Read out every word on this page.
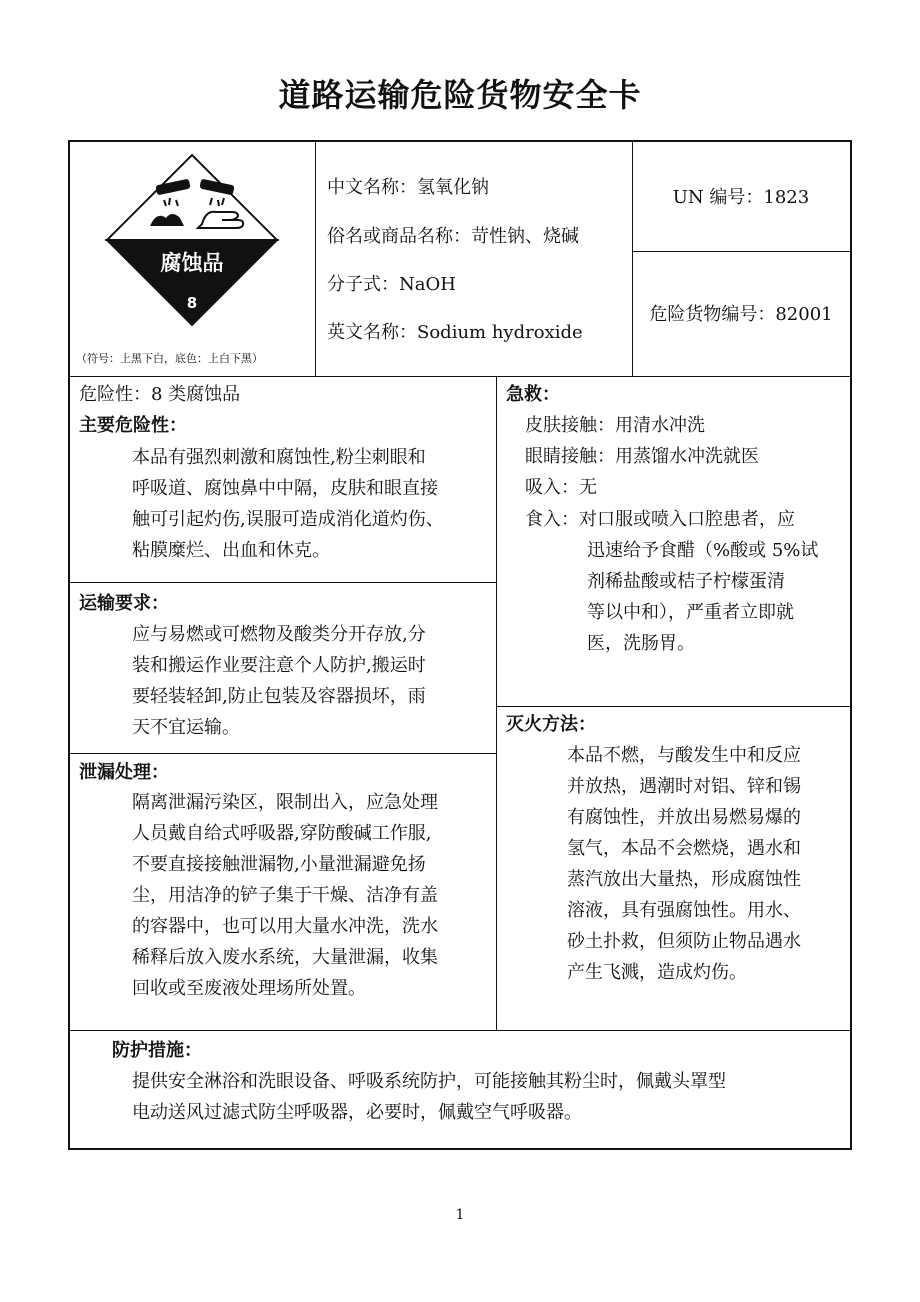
道路运输危险货物安全卡
腐蚀品
8
（符号：上黑下白，底色：上白下黑）
中文名称：氢氧化钠
俗名或商品名称：苛性钠、烧碱
分子式：NaOH
英文名称：Sodium hydroxide
UN 编号：1823
危险货物编号：82001
危险性：8 类腐蚀品
主要危险性：
本品有强烈刺激和腐蚀性,粉尘刺眼和
呼吸道、腐蚀鼻中中隔，皮肤和眼直接
触可引起灼伤,误服可造成消化道灼伤、
粘膜糜烂、出血和休克。
运输要求：
应与易燃或可燃物及酸类分开存放,分
装和搬运作业要注意个人防护,搬运时
要轻装轻卸,防止包装及容器损坏，雨
天不宜运输。
泄漏处理：
隔离泄漏污染区，限制出入，应急处理
人员戴自给式呼吸器,穿防酸碱工作服,
不要直接接触泄漏物,小量泄漏避免扬
尘，用洁净的铲子集于干燥、洁净有盖
的容器中，也可以用大量水冲洗，洗水
稀释后放入废水系统，大量泄漏，收集
回收或至废液处理场所处置。
急救：
皮肤接触：用清水冲洗
眼睛接触：用蒸馏水冲洗就医
吸入：无
食入：对口服或喷入口腔患者，应
迅速给予食醋（%酸或 5%试
剂稀盐酸或桔子柠檬蛋清
等以中和），严重者立即就
医，洗肠胃。
灭火方法：
本品不燃，与酸发生中和反应
并放热，遇潮时对铝、锌和锡
有腐蚀性，并放出易燃易爆的
氢气，本品不会燃烧，遇水和
蒸汽放出大量热，形成腐蚀性
溶液，具有强腐蚀性。用水、
砂土扑救，但须防止物品遇水
产生飞溅，造成灼伤。
防护措施：
提供安全淋浴和洗眼设备、呼吸系统防护，可能接触其粉尘时，佩戴头罩型
电动送风过滤式防尘呼吸器，必要时，佩戴空气呼吸器。
1
